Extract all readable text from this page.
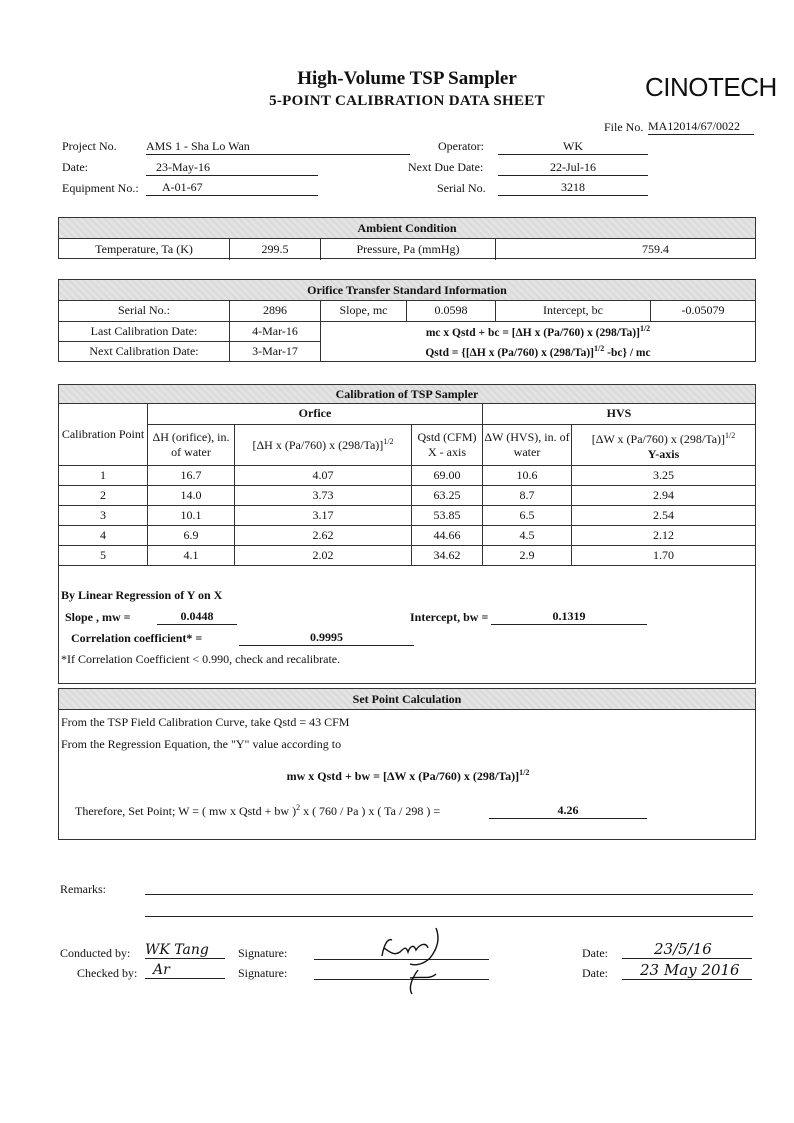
High-Volume TSP Sampler
5-POINT CALIBRATION DATA SHEET	CINOTECH
File No. MA12014/67/0022
Project No. AMS 1 - Sha Lo Wan
Date:	23-May-16
Equipment No.:	A-01-67
Operator:	WK
Next Due Date:	22-Jul-16
Serial No.	3218
Ambient Condition
Temperature, Ta (K)	299.5	Pressure, Pa (mmHg)	759.4
Orifice Transfer Standard Information
Serial No.:	2896	Slope, mc	0.0598	Intercept, bc	-0.05079
Last Calibration Date:	4-Mar-16	mc x Qstd + bc = [ΔH x (Pa/760) x (298/Ta)]$^{1/2}$
Next Calibration Date:	3-Mar-17	Qstd = {[ΔH x (Pa/760) x (298/Ta)]$^{1/2}$ -bc} / mc			
Calibration of TSP Sampler
Calibration Point	Orfice			HVS	
	ΔH (orifice), in. of water	[ΔH x (Pa/760) x (298/Ta)]$^{1/2}$	Qstd (CFM) X - axis	ΔW (HVS), in. of water	[ΔW x (Pa/760) x (298/Ta)]$^{1/2}$
Y-axis
1	16.7	4.07	69.00	10.6	3.25
2	14.0	3.73	63.25	8.7	2.94
3	10.1	3.17	53.85	6.5	2.54
4	6.9	2.62	44.66	4.5	2.12
5	4.1	2.02	34.62	2.9	1.70
By Linear Regression of Y on X
Slope , mw =	0.0448	Intercept, bw =	0.1319
Correlation coefficient* =	0.9995
*If Correlation Coefficient < 0.990, check and recalibrate.
Set Point Calculation
From the TSP Field Calibration Curve, take Qstd = 43 CFM
From the Regression Equation, the "Y" value according to
mw x Qstd + bw = [ΔW x (Pa/760) x (298/Ta)]$^{1/2}$
Therefore, Set Point; W = ( mw x Qstd + bw )$^2$ x ( 760 / Pa ) x ( Ta / 298 ) =	4.26
Remarks:
Conducted by: WK Tang
Checked by:	Ar
Signature:
Signature:
Date:	23/5/16
Date:	23 May 2016
